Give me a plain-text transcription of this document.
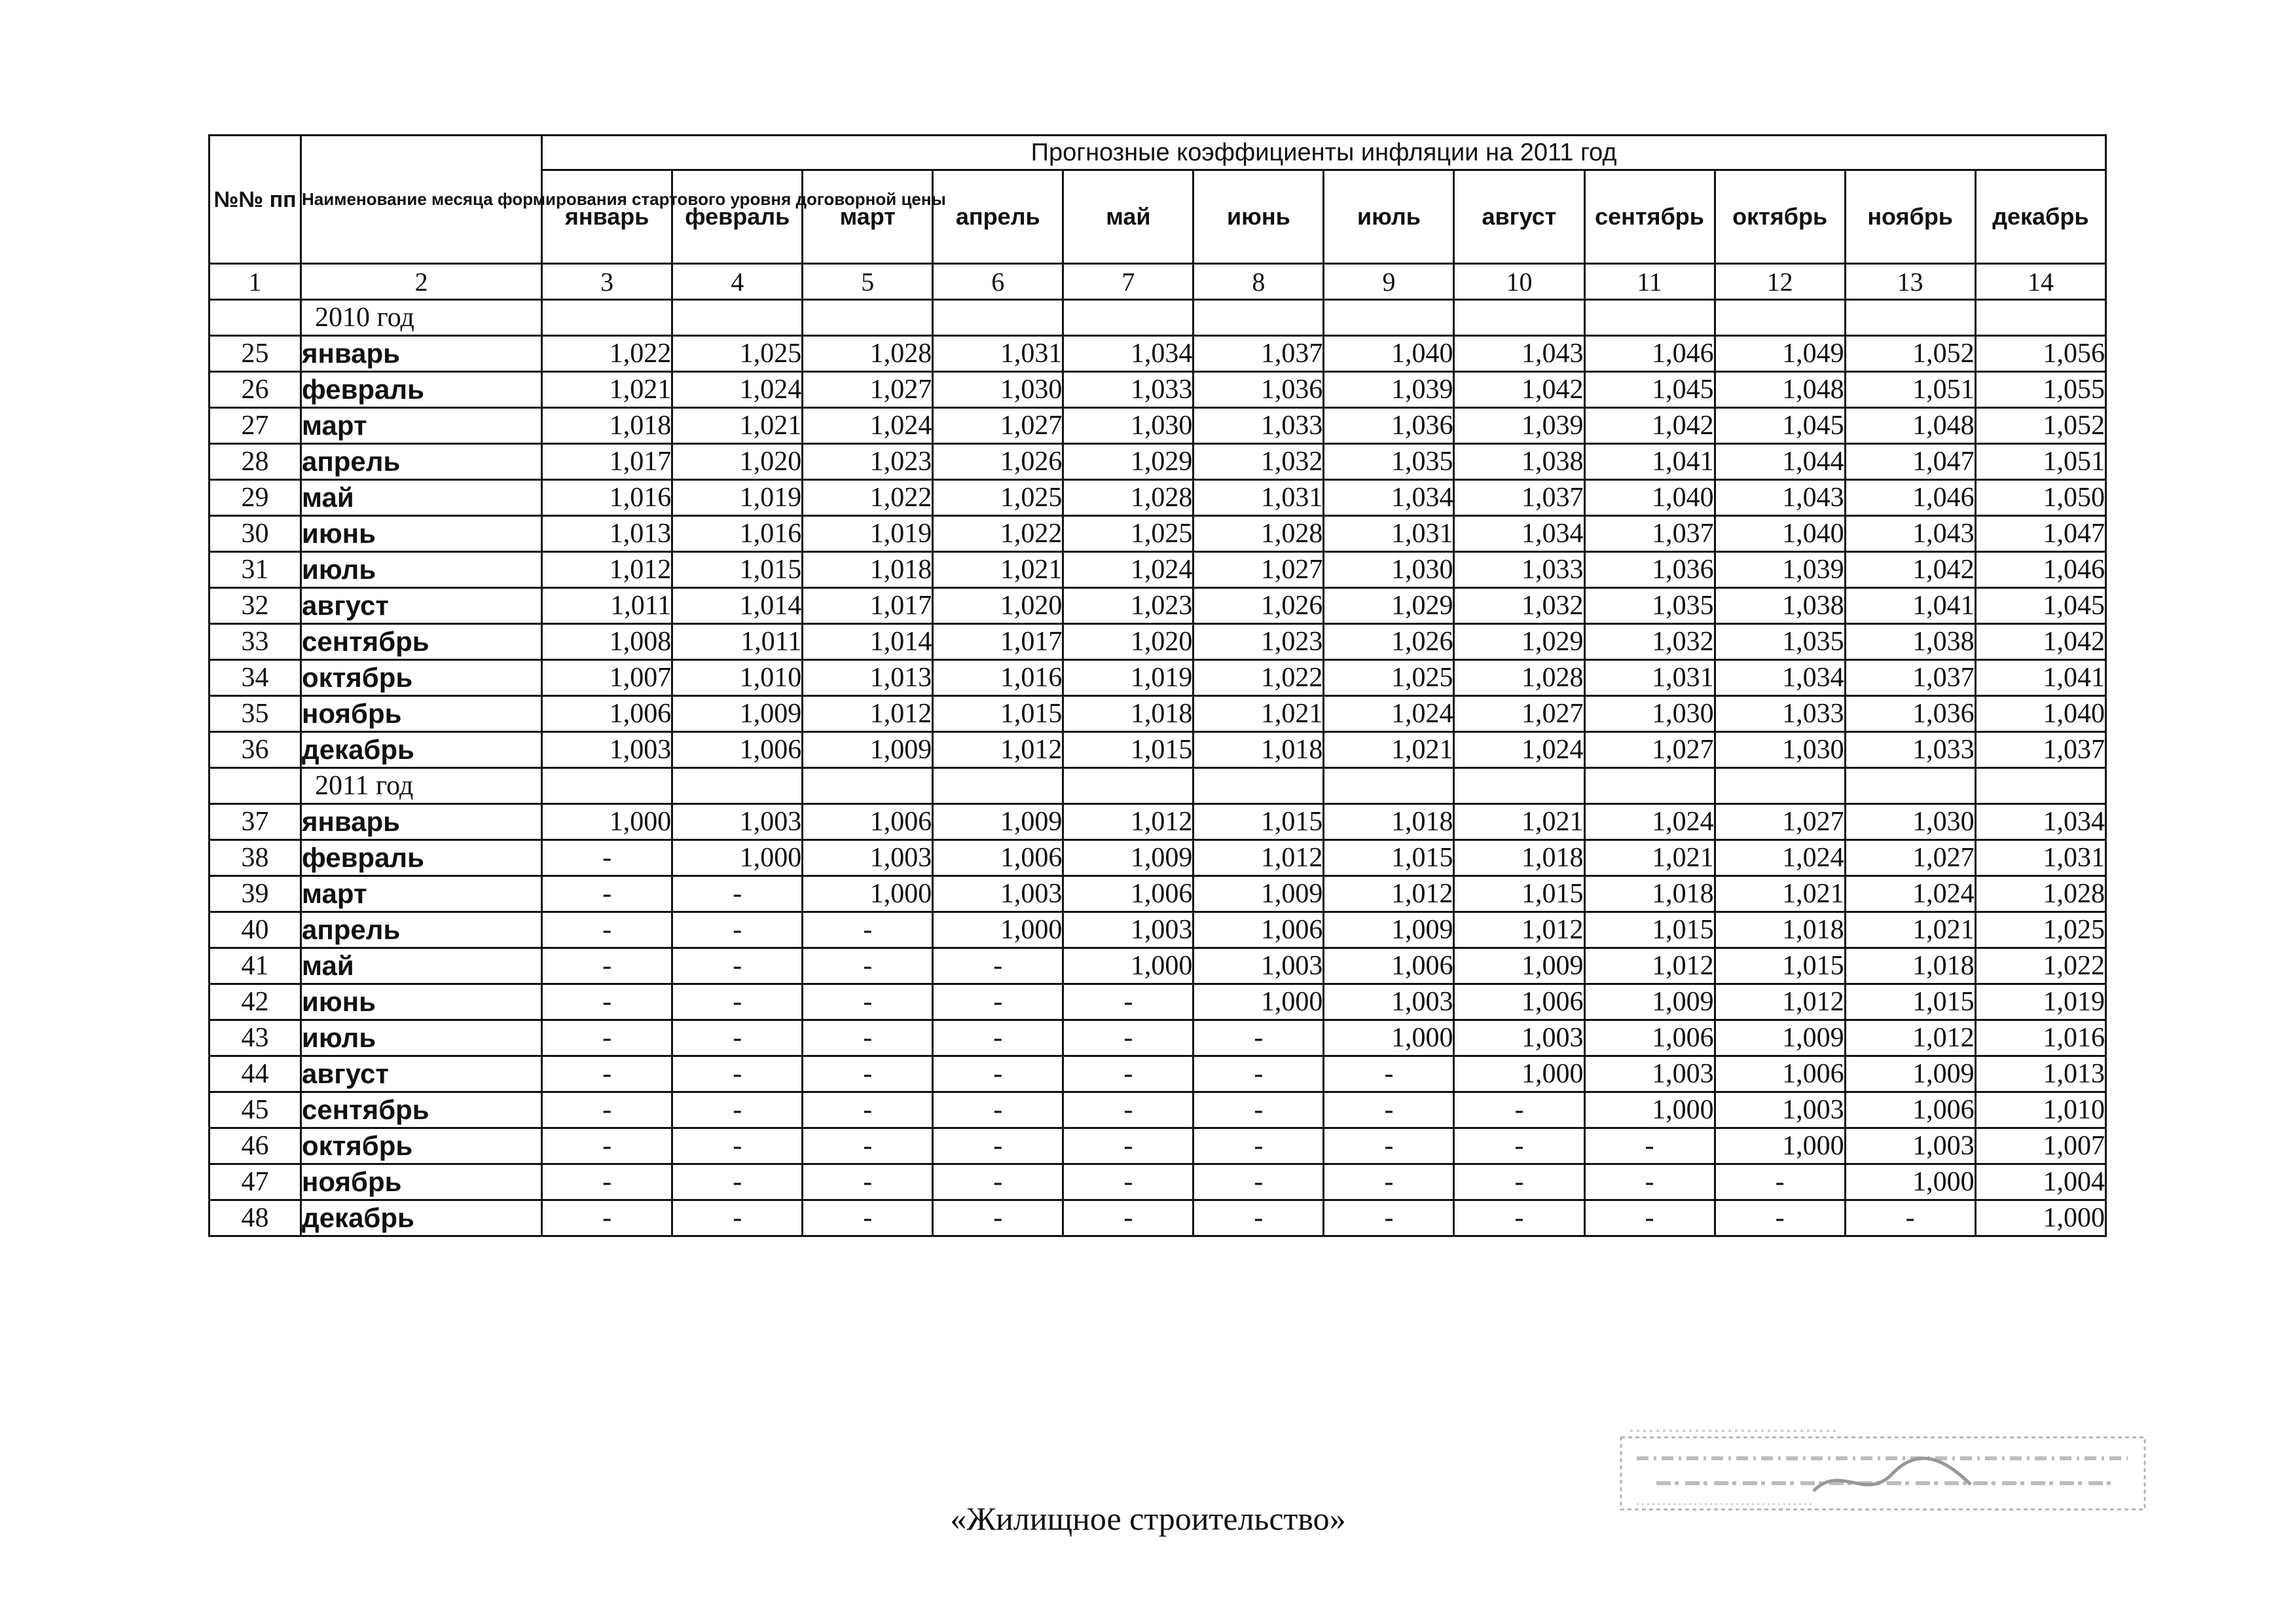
№№ пп	Наименование месяца формирования стартового уровня договорной цены	Прогнозные коэффициенты инфляции на 2011 год											
		январь	февраль	март	апрель	май	июнь	июль	август	сентябрь	октябрь	ноябрь	декабрь
1	2	3	4	5	6	7	8	9	10	11	12	13	14
	2010 год												
25	январь	1,022	1,025	1,028	1,031	1,034	1,037	1,040	1,043	1,046	1,049	1,052	1,056
26	февраль	1,021	1,024	1,027	1,030	1,033	1,036	1,039	1,042	1,045	1,048	1,051	1,055
27	март	1,018	1,021	1,024	1,027	1,030	1,033	1,036	1,039	1,042	1,045	1,048	1,052
28	апрель	1,017	1,020	1,023	1,026	1,029	1,032	1,035	1,038	1,041	1,044	1,047	1,051
29	май	1,016	1,019	1,022	1,025	1,028	1,031	1,034	1,037	1,040	1,043	1,046	1,050
30	июнь	1,013	1,016	1,019	1,022	1,025	1,028	1,031	1,034	1,037	1,040	1,043	1,047
31	июль	1,012	1,015	1,018	1,021	1,024	1,027	1,030	1,033	1,036	1,039	1,042	1,046
32	август	1,011	1,014	1,017	1,020	1,023	1,026	1,029	1,032	1,035	1,038	1,041	1,045
33	сентябрь	1,008	1,011	1,014	1,017	1,020	1,023	1,026	1,029	1,032	1,035	1,038	1,042
34	октябрь	1,007	1,010	1,013	1,016	1,019	1,022	1,025	1,028	1,031	1,034	1,037	1,041
35	ноябрь	1,006	1,009	1,012	1,015	1,018	1,021	1,024	1,027	1,030	1,033	1,036	1,040
36	декабрь	1,003	1,006	1,009	1,012	1,015	1,018	1,021	1,024	1,027	1,030	1,033	1,037
	2011 год												
37	январь	1,000	1,003	1,006	1,009	1,012	1,015	1,018	1,021	1,024	1,027	1,030	1,034
38	февраль	-	1,000	1,003	1,006	1,009	1,012	1,015	1,018	1,021	1,024	1,027	1,031
39	март	-	-	1,000	1,003	1,006	1,009	1,012	1,015	1,018	1,021	1,024	1,028
40	апрель	-	-	-	1,000	1,003	1,006	1,009	1,012	1,015	1,018	1,021	1,025
41	май	-	-	-	-	1,000	1,003	1,006	1,009	1,012	1,015	1,018	1,022
42	июнь	-	-	-	-	-	1,000	1,003	1,006	1,009	1,012	1,015	1,019
43	июль	-	-	-	-	-	-	1,000	1,003	1,006	1,009	1,012	1,016
44	август	-	-	-	-	-	-	-	1,000	1,003	1,006	1,009	1,013
45	сентябрь	-	-	-	-	-	-	-	-	1,000	1,003	1,006	1,010
46	октябрь	-	-	-	-	-	-	-	-	-	1,000	1,003	1,007
47	ноябрь	-	-	-	-	-	-	-	-	-	-	1,000	1,004
48	декабрь	-	-	-	-	-	-	-	-	-	-	-	1,000
«Жилищное строительство»
